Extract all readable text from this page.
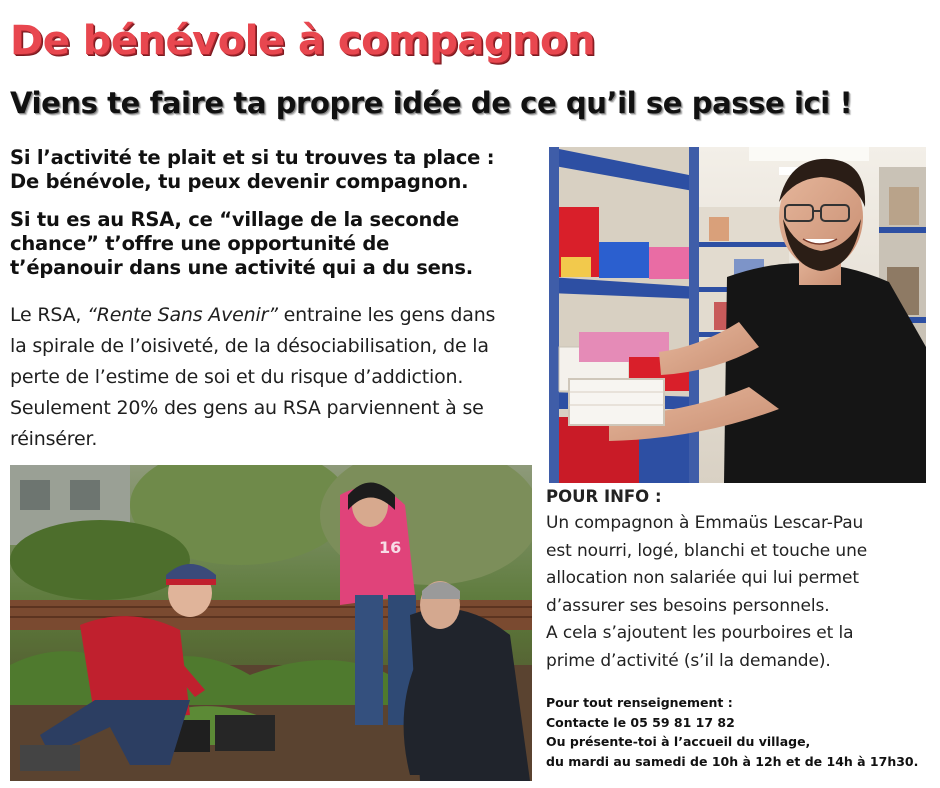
De bénévole à compagnon
Viens te faire ta propre idée de ce qu’il se passe ici !

Si l’activité te plait et si tu trouves ta place :
De bénévole, tu peux devenir compagnon.

Si tu es au RSA, ce “village de la seconde
chance” t’offre une opportunité de
t’épanouir dans une activité qui a du sens.

Le RSA, “Rente Sans Avenir” entraine les gens dans
la spirale de l’oisiveté, de la désociabilisation, de la
perte de l’estime de soi et du risque d’addiction.
Seulement 20% des gens au RSA parviennent à se
réinsérer.

16
POUR INFO :
Un compagnon à Emmaüs Lescar-Pau
est nourri, logé, blanchi et touche une
allocation non salariée qui lui permet
d’assurer ses besoins personnels.
A cela s’ajoutent les pourboires et la
prime d’activité (s’il la demande).
Pour tout renseignement :
Contacte le 05 59 81 17 82
Ou présente-toi à l’accueil du village,
du mardi au samedi de 10h à 12h et de 14h à 17h30.
